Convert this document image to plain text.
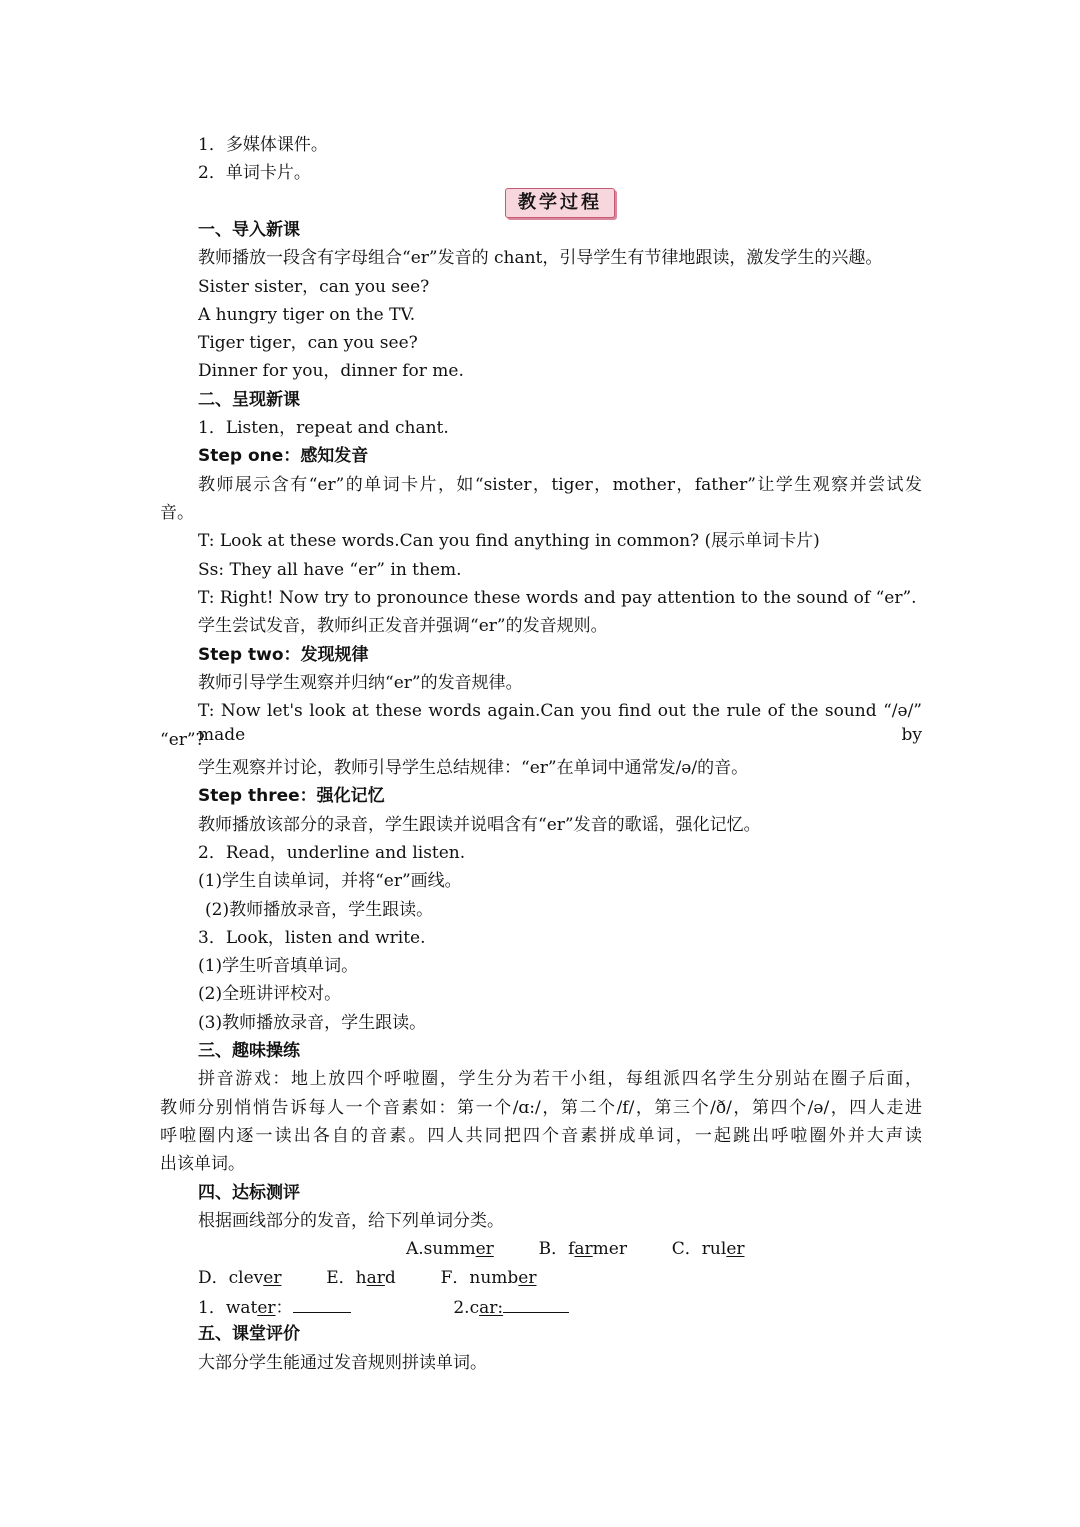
1．多媒体课件。
2．单词卡片。
教学过程
一、导入新课
教师播放一段含有字母组合“er”发音的 chant，引导学生有节律地跟读，激发学生的兴趣。
Sister sister，can you see?
A hungry tiger on the TV.
Tiger tiger，can you see?
Dinner for you，dinner for me.
二、呈现新课
1．Listen，repeat and chant.
Step one：感知发音
教师展示含有“er”的单词卡片，如“sister，tiger，mother，father”让学生观察并尝试发
音。
T: Look at these words.Can you find anything in common? (展示单词卡片)
Ss: They all have “er” in them.
T: Right! Now try to pronounce these words and pay attention to the sound of “er”.
学生尝试发音，教师纠正发音并强调“er”的发音规则。
Step two：发现规律
教师引导学生观察并归纳“er”的发音规律。
T: Now let's look at these words again.Can you find out the rule of the sound “/ə/” made by
“er”?
学生观察并讨论，教师引导学生总结规律：“er”在单词中通常发/ə/的音。
Step three：强化记忆
教师播放该部分的录音，学生跟读并说唱含有“er”发音的歌谣，强化记忆。
2．Read，underline and listen.
(1)学生自读单词，并将“er”画线。
(2)教师播放录音，学生跟读。
3．Look，listen and write.
(1)学生听音填单词。
(2)全班讲评校对。
(3)教师播放录音，学生跟读。
三、趣味操练
拼音游戏：地上放四个呼啦圈，学生分为若干小组，每组派四名学生分别站在圈子后面，
教师分别悄悄告诉每人一个音素如：第一个/ɑ:/，第二个/f/，第三个/ð/，第四个/ə/，四人走进
呼啦圈内逐一读出各自的音素。四人共同把四个音素拼成单词，一起跳出呼啦圈外并大声读
出该单词。
四、达标测评
根据画线部分的发音，给下列单词分类。
A.summer	B．farmer	C．ruler
D．clever	E．hard	F．number
1．water：	2.car:
五、课堂评价
大部分学生能通过发音规则拼读单词。
